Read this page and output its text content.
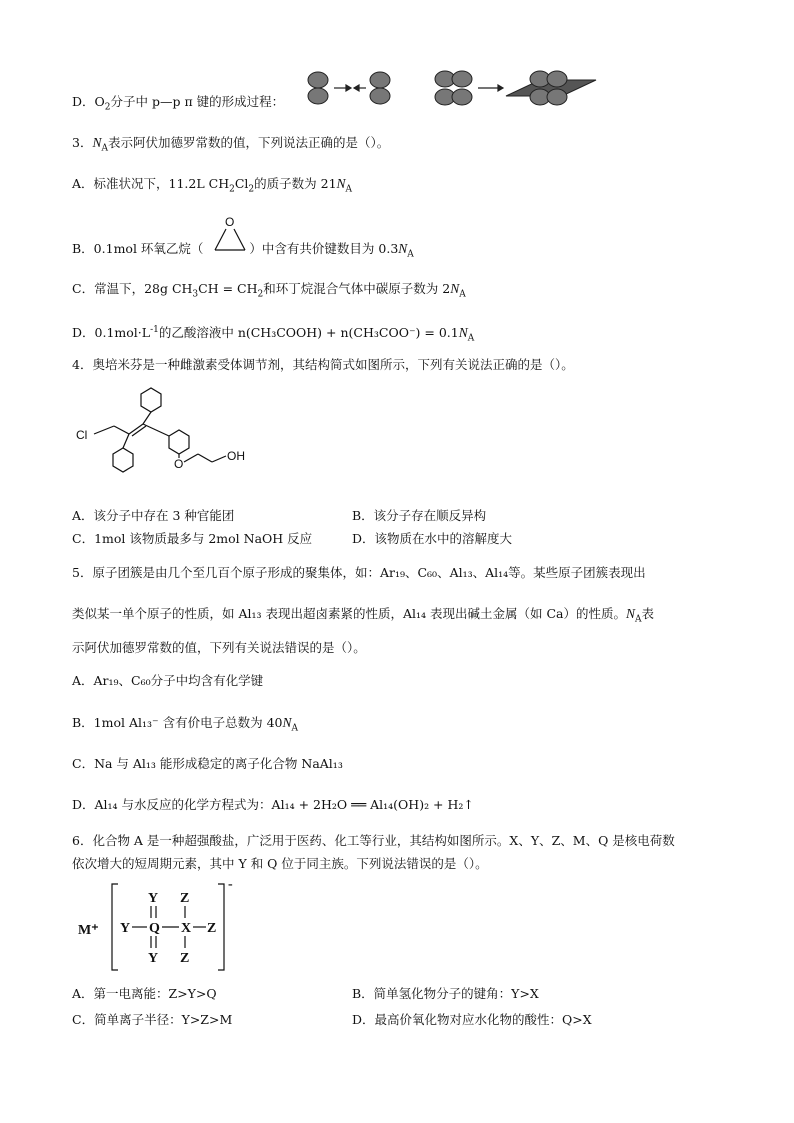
D．$O_2$分子中 p—p π 键的形成过程：
3．$N_A$表示阿伏加德罗常数的值，下列说法正确的是（）。
A．标准状况下，11.2L $CH_2Cl_2$的质子数为 $21N_A$
B．0.1mol 环氧乙烷（	）中含有共价键数目为 $0.3N_A$
O
C．常温下，28g $CH_3CH = CH_2$和环丁烷混合气体中碳原子数为 $2N_A$
D．$0.1mol\cdot L^{-1}$的乙酸溶液中 n(CH₃COOH) + $n(CH_3COO^-) = 0.1N_A$
4．奥培米芬是一种雌激素受体调节剂，其结构简式如图所示，下列有关说法正确的是（）。
Cl
O
OH
A．该分子中存在 3 种官能团	B．该分子存在顺反异构
C．1mol 该物质最多与 2mol NaOH 反应	D．该物质在水中的溶解度大
5．原子团簇是由几个至几百个原子形成的聚集体，如：Ar₁₉、C₆₀、Al₁₃、Al₁₄等。某些原子团簇表现出
类似某一单个原子的性质，如 Al₁₃ 表现出超卤素紧的性质，Al₁₄ 表现出碱土金属（如 Ca）的性质。$N_A$表
示阿伏加德罗常数的值，下列有关说法错误的是（）。
A．Ar₁₉、C₆₀分子中均含有化学键
B．1mol Al₁₃⁻ 含有价电子总数为 $40N_A$
C．Na 与 Al₁₃ 能形成稳定的离子化合物 NaAl₁₃
D．Al₁₄ 与水反应的化学方程式为：Al₁₄ + 2H₂O ══ Al₁₄(OH)₂ + H₂↑
6．化合物 A 是一种超强酸盐，广泛用于医药、化工等行业，其结构如图所示。X、Y、Z、M、Q 是核电荷数
依次增大的短周期元素，其中 Y 和 Q 位于同主族。下列说法错误的是（）。
M⁺
Y
Y Q
Y
X
Z
Z
Z
-
A．第一电离能：Z>Y>Q	B．简单氢化物分子的键角：Y>X
C．简单离子半径：Y>Z>M	D．最高价氧化物对应水化物的酸性：Q>X
